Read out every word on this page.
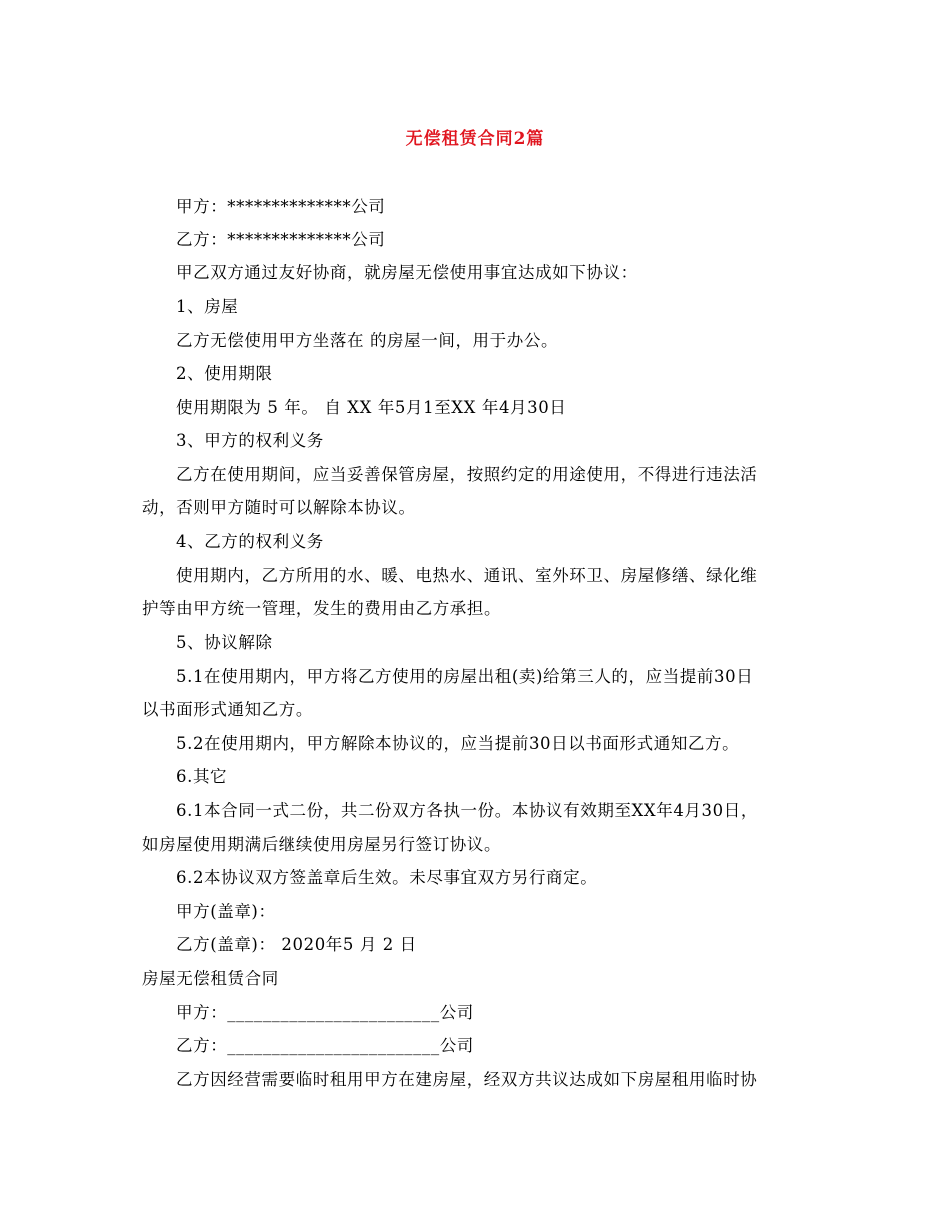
无偿租赁合同2篇
甲方：**************公司
乙方：**************公司
甲乙双方通过友好协商，就房屋无偿使用事宜达成如下协议：
1、房屋
乙方无偿使用甲方坐落在 的房屋一间，用于办公。
2、使用期限
使用期限为 5 年。 自 XX 年5月1至XX 年4月30日
3、甲方的权利义务
乙方在使用期间，应当妥善保管房屋，按照约定的用途使用，不得进行违法活
动，否则甲方随时可以解除本协议。
4、乙方的权利义务
使用期内，乙方所用的水、暖、电热水、通讯、室外环卫、房屋修缮、绿化维
护等由甲方统一管理，发生的费用由乙方承担。
5、协议解除
5.1在使用期内，甲方将乙方使用的房屋出租(卖)给第三人的，应当提前30日
以书面形式通知乙方。
5.2在使用期内，甲方解除本协议的，应当提前30日以书面形式通知乙方。
6.其它
6.1本合同一式二份，共二份双方各执一份。本协议有效期至XX年4月30日，
如房屋使用期满后继续使用房屋另行签订协议。
6.2本协议双方签盖章后生效。未尽事宜双方另行商定。
甲方(盖章)：
乙方(盖章)： 2020年5 月 2 日
房屋无偿租赁合同
甲方：________________________公司
乙方：________________________公司
乙方因经营需要临时租用甲方在建房屋，经双方共议达成如下房屋租用临时协
